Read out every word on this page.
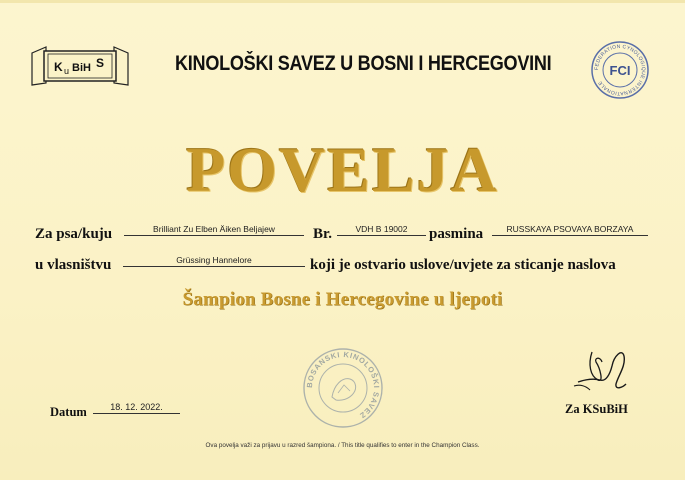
K u BiH S	KINOLOŠKI SAVEZ U BOSNI I HERCEGOVINI	FEDERATION CYNOLOGIQUE INTERNATIONALE
FCI
POVELJA
Za psa/kuju	Brilliant Zu Elben Äiken Beljajew	Br.	VDH B 19002	pasmina	RUSSKAYA PSOVAYA BORZAYA
u vlasništvu	Grüssing Hannelore	koji je ostvario uslove/uvjete za sticanje naslova
Šampion Bosne i Hercegovine u ljepoti
BOSANSKI KINOLOŠKI SAVEZ
Datum	18. 12. 2022.	Za KSuBiH
Ova povelja važi za prijavu u razred šampiona. / This title qualifies to enter in the Champion Class.
